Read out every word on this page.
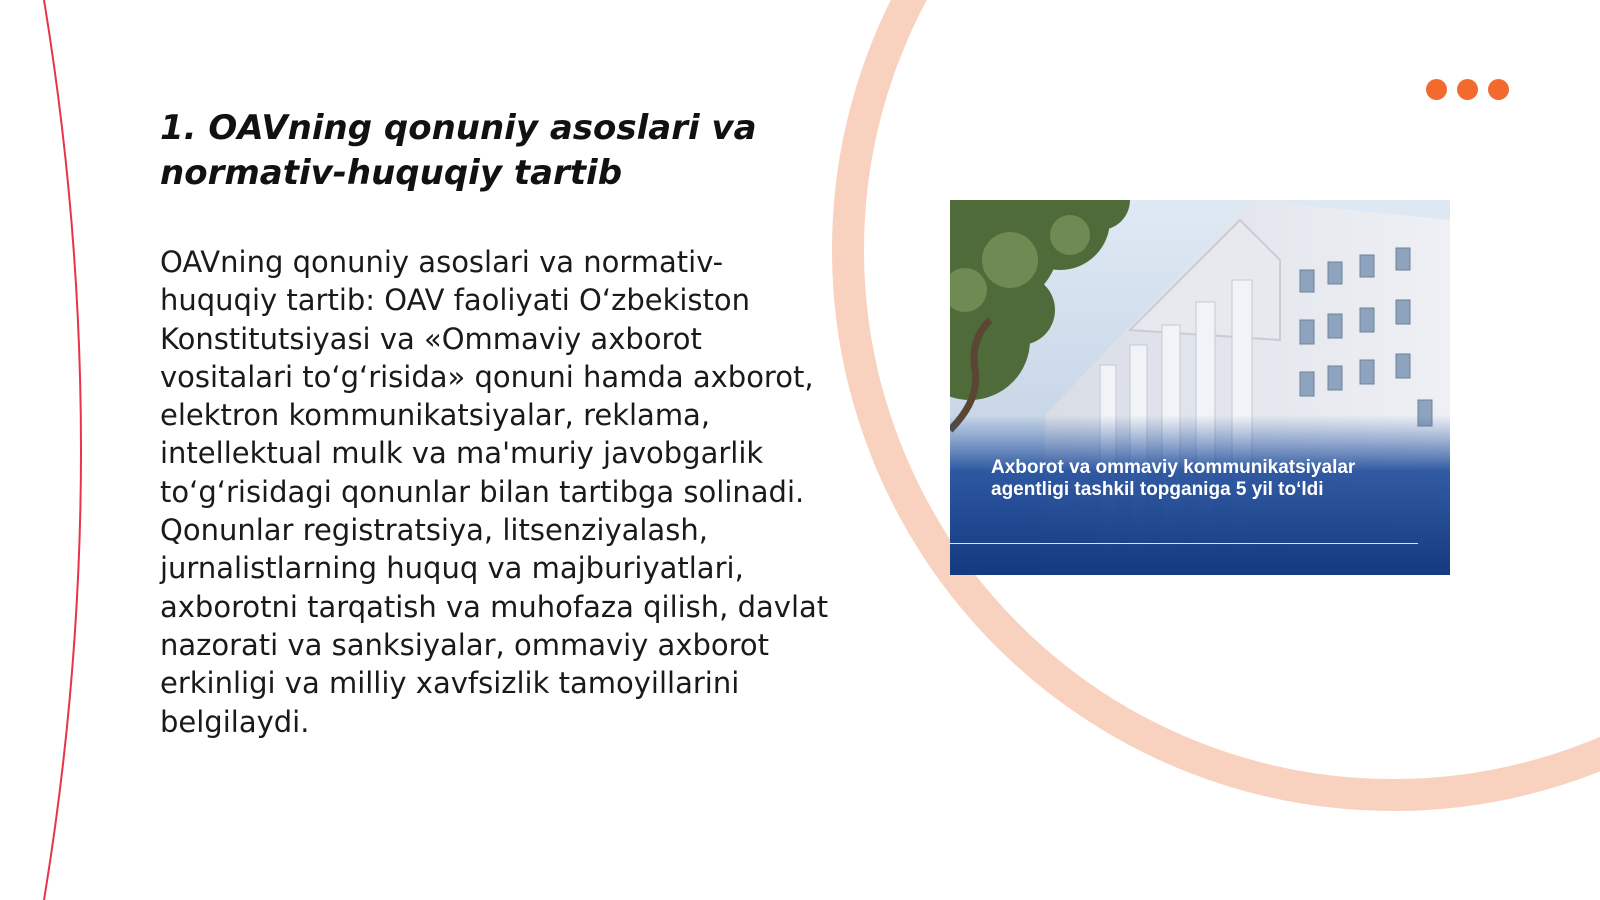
1. OAVning qonuniy asoslari va normativ-huquqiy tartib

OAVning qonuniy asoslari va normativ-huquqiy tartib: OAV faoliyati O‘zbekiston Konstitutsiyasi va «Ommaviy axborot vositalari to‘g‘risida» qonuni hamda axborot, elektron kommunikatsiyalar, reklama, intellektual mulk va ma'muriy javobgarlik to‘g‘risidagi qonunlar bilan tartibga solinadi. Qonunlar registratsiya, litsenziyalash, jurnalistlarning huquq va majburiyatlari, axborotni tarqatish va muhofaza qilish, davlat nazorati va sanksiyalar, ommaviy axborot erkinligi va milliy xavfsizlik tamoyillarini belgilaydi.

Axborot va ommaviy kommunikatsiyalar agentligi tashkil topganiga 5 yil to‘ldi
